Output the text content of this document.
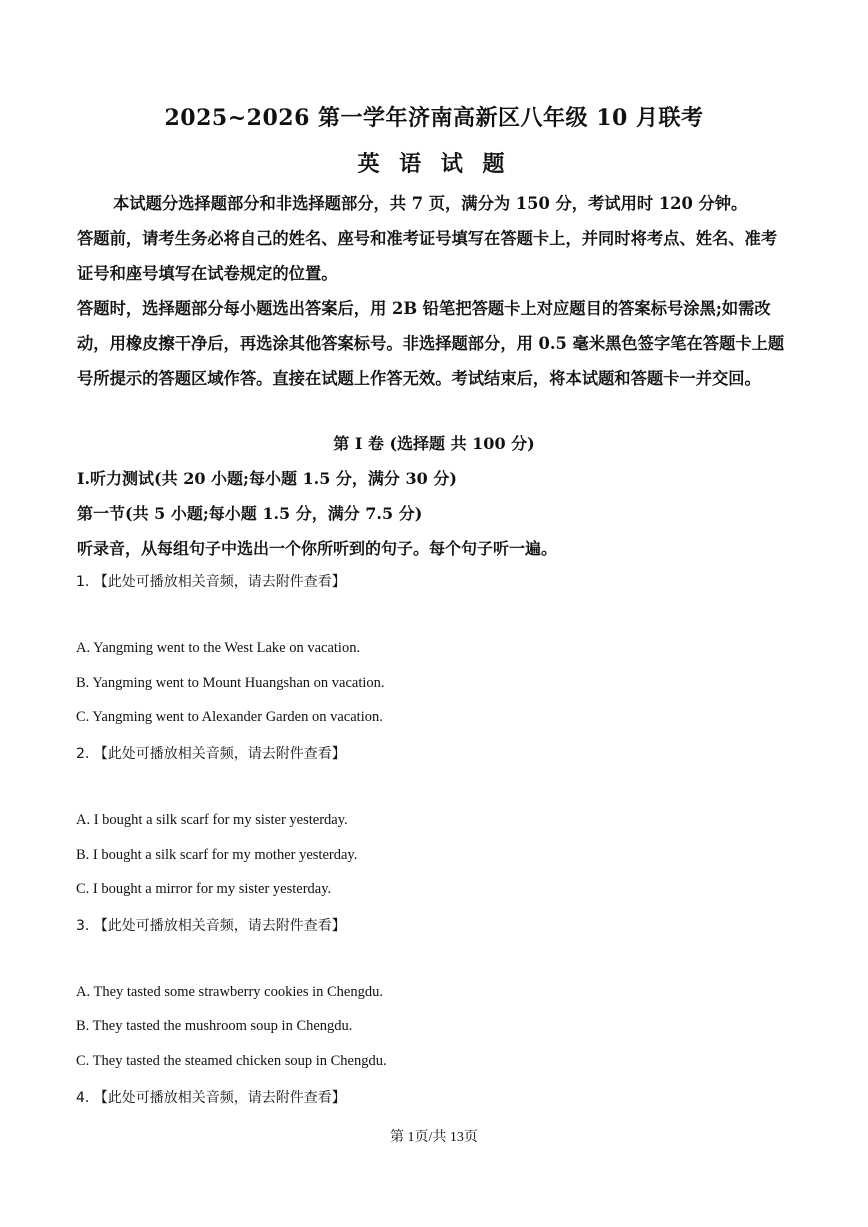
2025~2026 第一学年济南高新区八年级 10 月联考
英 语 试 题

本试题分选择题部分和非选择题部分，共 7 页，满分为 150 分，考试用时 120 分钟。

答题前，请考生务必将自己的姓名、座号和准考证号填写在答题卡上，并同时将考点、姓名、准考证号和座号填写在试卷规定的位置。

答题时，选择题部分每小题选出答案后，用 2B 铅笔把答题卡上对应题目的答案标号涂黑;如需改动，用橡皮擦干净后，再选涂其他答案标号。非选择题部分，用 0.5 毫米黑色签字笔在答题卡上题号所提示的答题区域作答。直接在试题上作答无效。考试结束后，将本试题和答题卡一并交回。

第 I 卷 (选择题 共 100 分)
Ⅰ.听力测试(共 20 小题;每小题 1.5 分，满分 30 分)
第一节(共 5 小题;每小题 1.5 分，满分 7.5 分)
听录音，从每组句子中选出一个你所听到的句子。每个句子听一遍。
1. 【此处可播放相关音频，请去附件查看】
A. Yangming went to the West Lake on vacation.
B. Yangming went to Mount Huangshan on vacation.
C. Yangming went to Alexander Garden on vacation.
2. 【此处可播放相关音频，请去附件查看】
A. I bought a silk scarf for my sister yesterday.
B. I bought a silk scarf for my mother yesterday.
C. I bought a mirror for my sister yesterday.
3. 【此处可播放相关音频，请去附件查看】
A. They tasted some strawberry cookies in Chengdu.
B. They tasted the mushroom soup in Chengdu.
C. They tasted the steamed chicken soup in Chengdu.
4. 【此处可播放相关音频，请去附件查看】
第 1页/共 13页
